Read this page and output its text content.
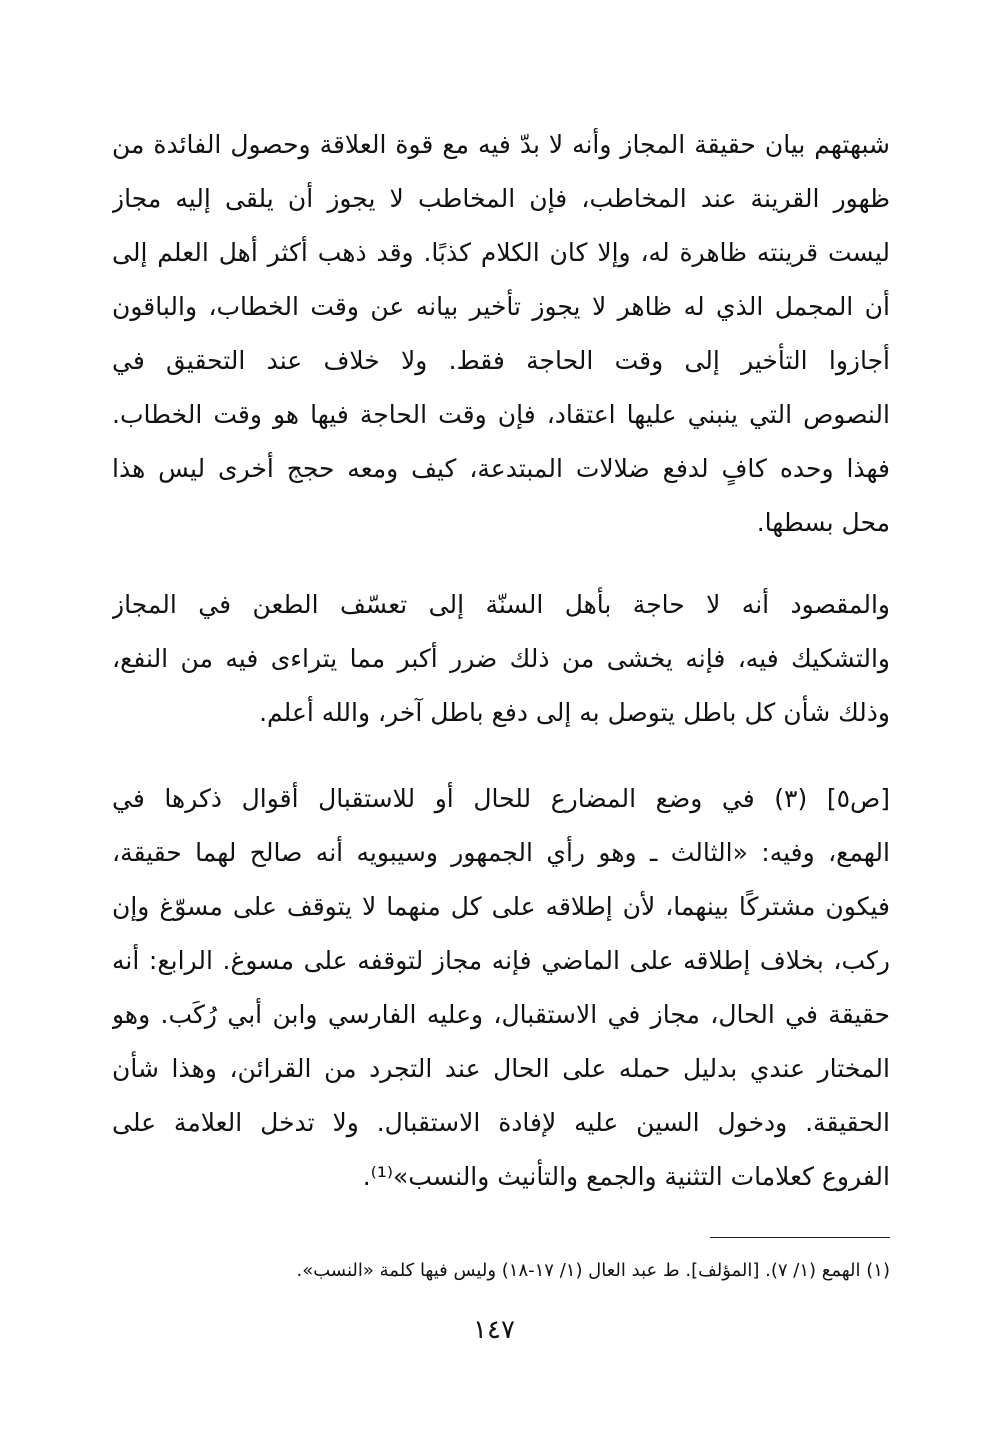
شبهتهم بيان حقيقة المجاز وأنه لا بدّ فيه مع قوة العلاقة وحصول الفائدة من
ظهور القرينة عند المخاطب، فإن المخاطب لا يجوز أن يلقى إليه مجاز
ليست قرينته ظاهرة له، وإلا كان الكلام كذبًا. وقد ذهب أكثر أهل العلم إلى
أن المجمل الذي له ظاهر لا يجوز تأخير بيانه عن وقت الخطاب، والباقون
أجازوا التأخير إلى وقت الحاجة فقط. ولا خلاف عند التحقيق في
النصوص التي ينبني عليها اعتقاد، فإن وقت الحاجة فيها هو وقت الخطاب.
فهذا وحده كافٍ لدفع ضلالات المبتدعة، كيف ومعه حجج أخرى ليس هذا
محل بسطها.
والمقصود أنه لا حاجة بأهل السنّة إلى تعسّف الطعن في المجاز
والتشكيك فيه، فإنه يخشى من ذلك ضرر أكبر مما يتراءى فيه من النفع،
وذلك شأن كل باطل يتوصل به إلى دفع باطل آخر، والله أعلم.
[ص٥] (٣) في وضع المضارع للحال أو للاستقبال أقوال ذكرها في
الهمع، وفيه: «الثالث ـ وهو رأي الجمهور وسيبويه أنه صالح لهما حقيقة،
فيكون مشتركًا بينهما، لأن إطلاقه على كل منهما لا يتوقف على مسوّغ وإن
ركب، بخلاف إطلاقه على الماضي فإنه مجاز لتوقفه على مسوغ. الرابع: أنه
حقيقة في الحال، مجاز في الاستقبال، وعليه الفارسي وابن أبي رُكَب. وهو
المختار عندي بدليل حمله على الحال عند التجرد من القرائن، وهذا شأن
الحقيقة. ودخول السين عليه لإفادة الاستقبال. ولا تدخل العلامة على
الفروع كعلامات التثنية والجمع والتأنيث والنسب»⁽¹⁾.
(١) الهمع (١/ ٧). [المؤلف]. ط عبد العال (١/ ١٧-١٨) وليس فيها كلمة «النسب».
١٤٧
